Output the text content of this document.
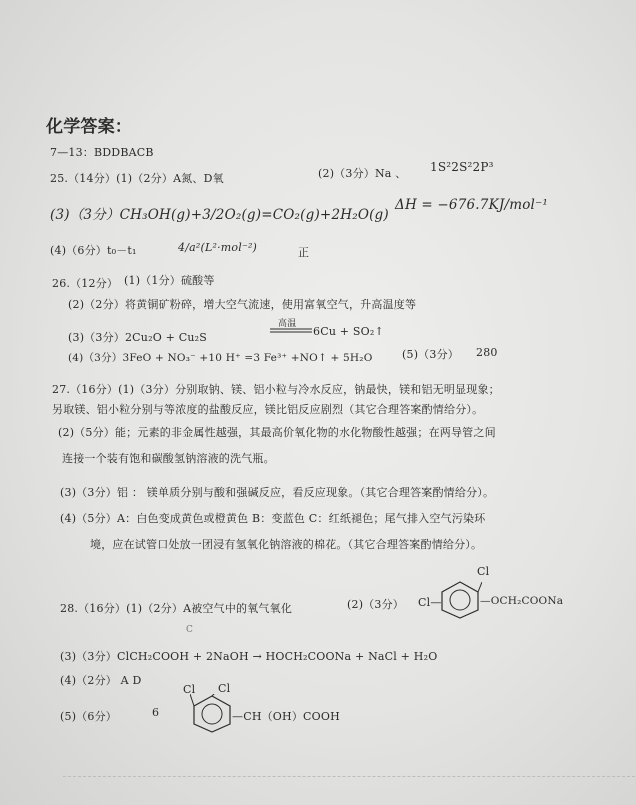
化学答案：
7—13：BDDBACB
25.（14分）(1)（2分）A氮、D氧	(2)（3分）Na 、 1S²2S²2P³
(3)（3分）CH₃OH(g)+3/2O₂(g)=CO₂(g)+2H₂O(g)
ΔH = −676.7KJ/mol⁻¹
(4)（6分）t₀－t₁	4/a²(L²·mol⁻²)	正
26.（12分） (1)（1分）硫酸等
(2)（2分）将黄铜矿粉碎，增大空气流速，使用富氧空气，升高温度等
(3)（3分）2Cu₂O + Cu₂S
高温
6Cu + SO₂↑
(4)（3分）3FeO + NO₃⁻ +10 H⁺ =3 Fe³⁺ +NO↑ + 5H₂O	(5)（3分） 280
27.（16分）(1)（3分）分别取钠、镁、铝小粒与冷水反应，钠最快，镁和铝无明显现象；
另取镁、铝小粒分别与等浓度的盐酸反应，镁比铝反应剧烈（其它合理答案酌情给分）。
(2)（5分）能；元素的非金属性越强，其最高价氧化物的水化物酸性越强；在两导管之间
连接一个装有饱和碳酸氢钠溶液的洗气瓶。
(3)（3分）铝 ： 镁单质分别与酸和强碱反应，看反应现象。（其它合理答案酌情给分）。
(4)（5分）A：白色变成黄色或橙黄色 B：变蓝色 C：红纸褪色；尾气排入空气污染环
境，应在试管口处放一团浸有氢氧化钠溶液的棉花。（其它合理答案酌情给分）。
28.（16分）(1)（2分）A被空气中的氧气氧化	(2)（3分） Cl—
Cl
—OCH₂COONa
C
(3)（3分）ClCH₂COOH + 2NaOH → HOCH₂COONa + NaCl + H₂O
(4)（2分） A D
(5)（6分）	6
Cl Cl
—CH（OH）COOH
